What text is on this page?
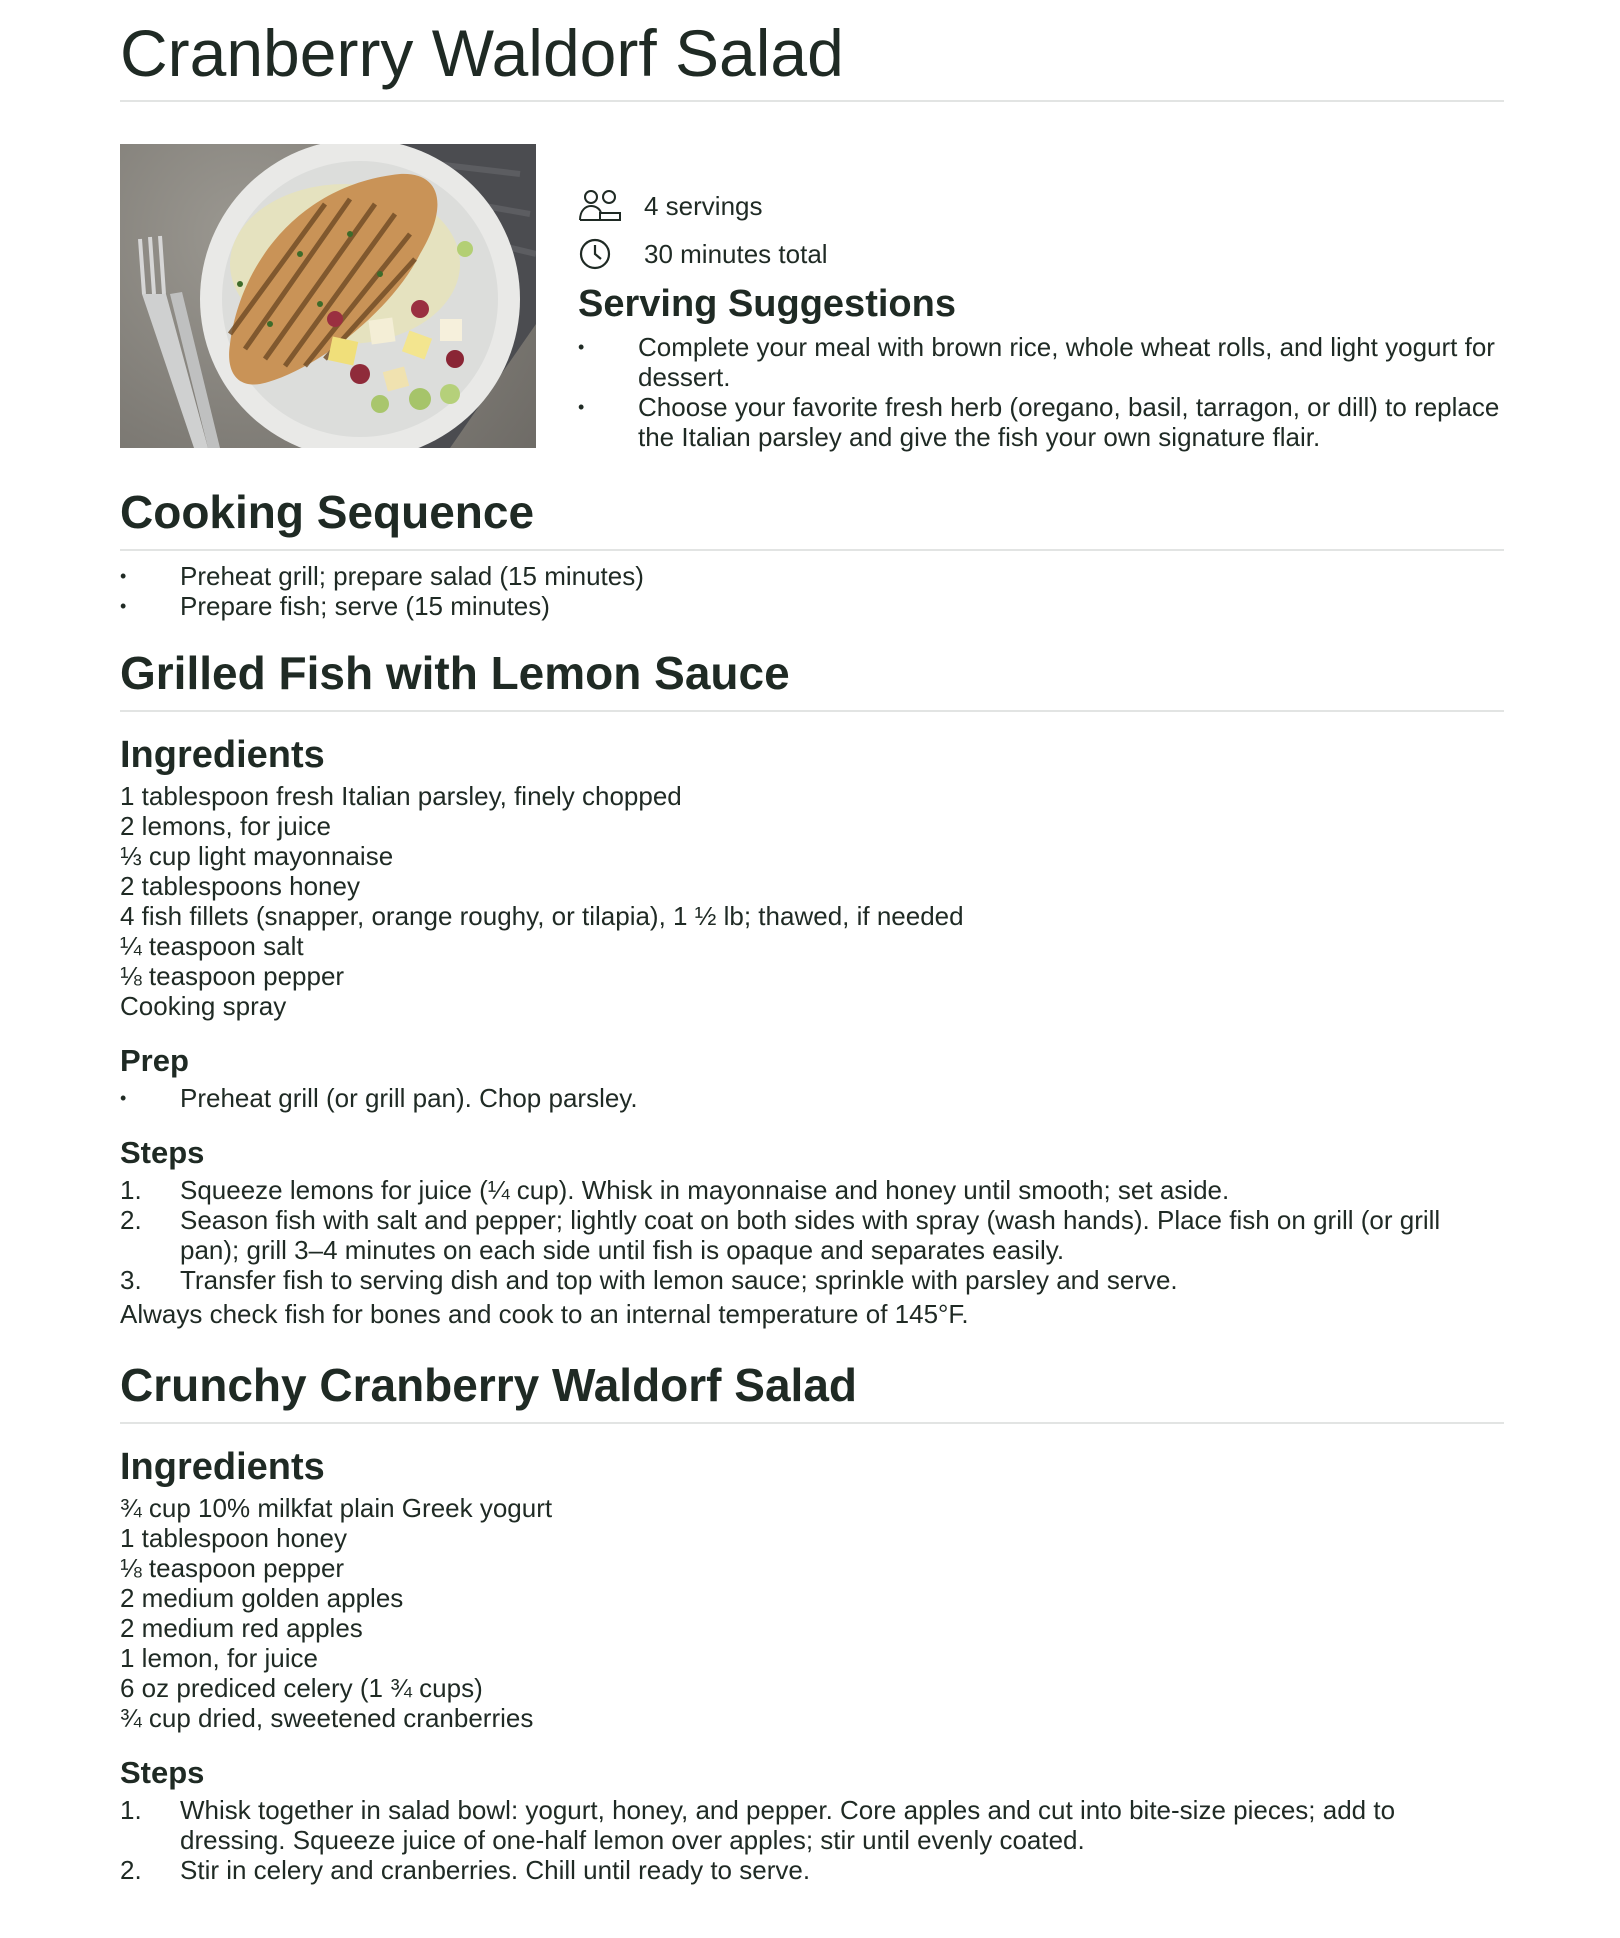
Cranberry Waldorf Salad
4 servings
30 minutes total
Serving Suggestions
•	Complete your meal with brown rice, whole wheat rolls, and light yogurt for dessert.
•	Choose your favorite fresh herb (oregano, basil, tarragon, or dill) to replace the Italian parsley and give the fish your own signature flair.
Cooking Sequence
•	Preheat grill; prepare salad (15 minutes)
•	Prepare fish; serve (15 minutes)
Grilled Fish with Lemon Sauce
Ingredients
1 tablespoon fresh Italian parsley, finely chopped
2 lemons, for juice
⅓ cup light mayonnaise
2 tablespoons honey
4 fish fillets (snapper, orange roughy, or tilapia), 1 ½ lb; thawed, if needed
¼ teaspoon salt
⅛ teaspoon pepper
Cooking spray
Prep
•	Preheat grill (or grill pan). Chop parsley.
Steps
1.	Squeeze lemons for juice (¼ cup). Whisk in mayonnaise and honey until smooth; set aside.
2.	Season fish with salt and pepper; lightly coat on both sides with spray (wash hands). Place fish on grill (or grill pan); grill 3–4 minutes on each side until fish is opaque and separates easily.
3.	Transfer fish to serving dish and top with lemon sauce; sprinkle with parsley and serve.
Always check fish for bones and cook to an internal temperature of 145°F.
Crunchy Cranberry Waldorf Salad
Ingredients
¾ cup 10% milkfat plain Greek yogurt
1 tablespoon honey
⅛ teaspoon pepper
2 medium golden apples
2 medium red apples
1 lemon, for juice
6 oz prediced celery (1 ¾ cups)
¾ cup dried, sweetened cranberries
Steps
1.	Whisk together in salad bowl: yogurt, honey, and pepper. Core apples and cut into bite-size pieces; add to dressing. Squeeze juice of one-half lemon over apples; stir until evenly coated.
2.	Stir in celery and cranberries. Chill until ready to serve.
